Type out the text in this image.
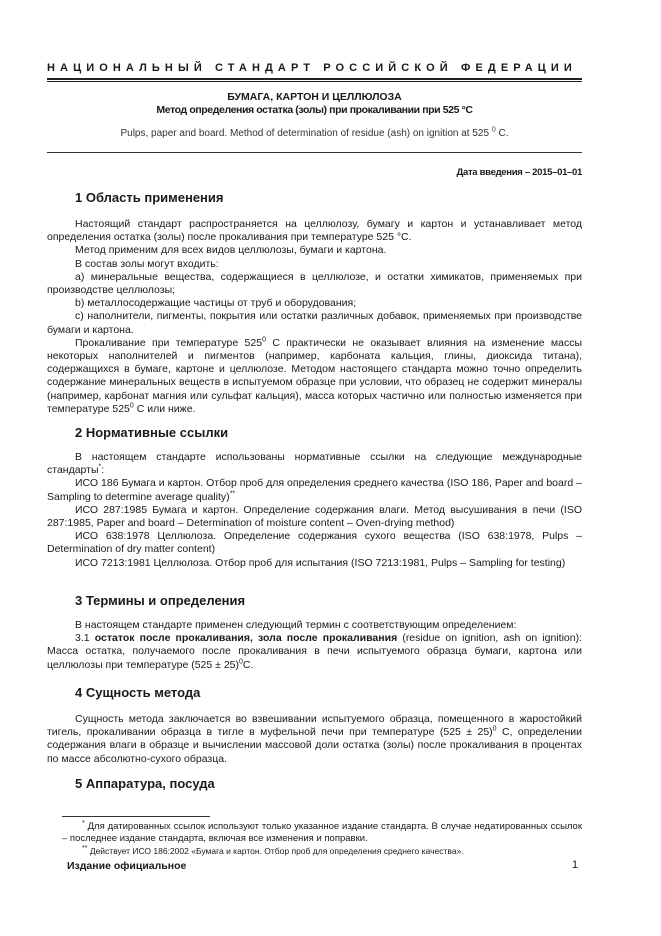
НАЦИОНАЛЬНЫЙ СТАНДАРТ РОССИЙСКОЙ ФЕДЕРАЦИИ
БУМАГА, КАРТОН И ЦЕЛЛЮЛОЗА
Метод определения остатка (золы) при прокаливании при 525 °С
Pulps, paper and board. Method of determination of residue (ash) on ignition at 525 $^0$ C.
Дата введения – 2015–01–01
1 Область применения

Настоящий стандарт распространяется на целлюлозу, бумагу и картон и устанавливает метод определения остатка (золы) после прокаливания при температуре 525 °С.

Метод применим для всех видов целлюлозы, бумаги и картона.

В состав золы могут входить:

а) минеральные вещества, содержащиеся в целлюлозе, и остатки химикатов, применяемых при производстве целлюлозы;

b) металлосодержащие частицы от труб и оборудования;

с) наполнители, пигменты, покрытия или остатки различных добавок, применяемых при производстве бумаги и картона.

Прокаливание при температуре $525^0$ С практически не оказывает влияния на изменение массы некоторых наполнителей и пигментов (например, карбоната кальция, глины, диоксида титана), содержащихся в бумаге, картоне и целлюлозе. Методом настоящего стандарта можно точно определить содержание минеральных веществ в испытуемом образце при условии, что образец не содержит минералы (например, карбонат магния или сульфат кальция), масса которых частично или полностью изменяется при температуре $525^0$ С или ниже.

2 Нормативные ссылки

В настоящем стандарте использованы нормативные ссылки на следующие международные стандарты*:

ИСО 186 Бумага и картон. Отбор проб для определения среднего качества (ISO 186, Paper and board – Sampling to determine average quality)**

ИСО 287:1985 Бумага и картон. Определение содержания влаги. Метод высушивания в печи (ISO 287:1985, Paper and board – Determination of moisture content – Oven-drying method)

ИСО 638:1978 Целлюлоза. Определение содержания сухого вещества (ISO 638:1978, Pulps – Determination of dry matter content)

ИСО 7213:1981 Целлюлоза. Отбор проб для испытания (ISO 7213:1981, Pulps – Sampling for testing)

3 Термины и определения

В настоящем стандарте применен следующий термин с соответствующим определением:

3.1 остаток после прокаливания, зола после прокаливания (residue on ignition, ash on ignition): Масса остатка, получаемого после прокаливания в печи испытуемого образца бумаги, картона или целлюлозы при температуре $(525 \pm 25)^0С$.

4 Сущность метода

Сущность метода заключается во взвешивании испытуемого образца, помещенного в жаростойкий тигель, прокаливании образца в тигле в муфельной печи при температуре $(525 \pm 25)^0$ С, определении содержания влаги в образце и вычислении массовой доли остатка (золы) после прокаливания в процентах по массе абсолютно-сухого образца.

5 Аппаратура, посуда

* Для датированных ссылок используют только указанное издание стандарта. В случае недатированных ссылок – последнее издание стандарта, включая все изменения и поправки.

** Действует ИСО 186:2002 «Бумага и картон. Отбор проб для определения среднего качества».

Издание официальное	1
